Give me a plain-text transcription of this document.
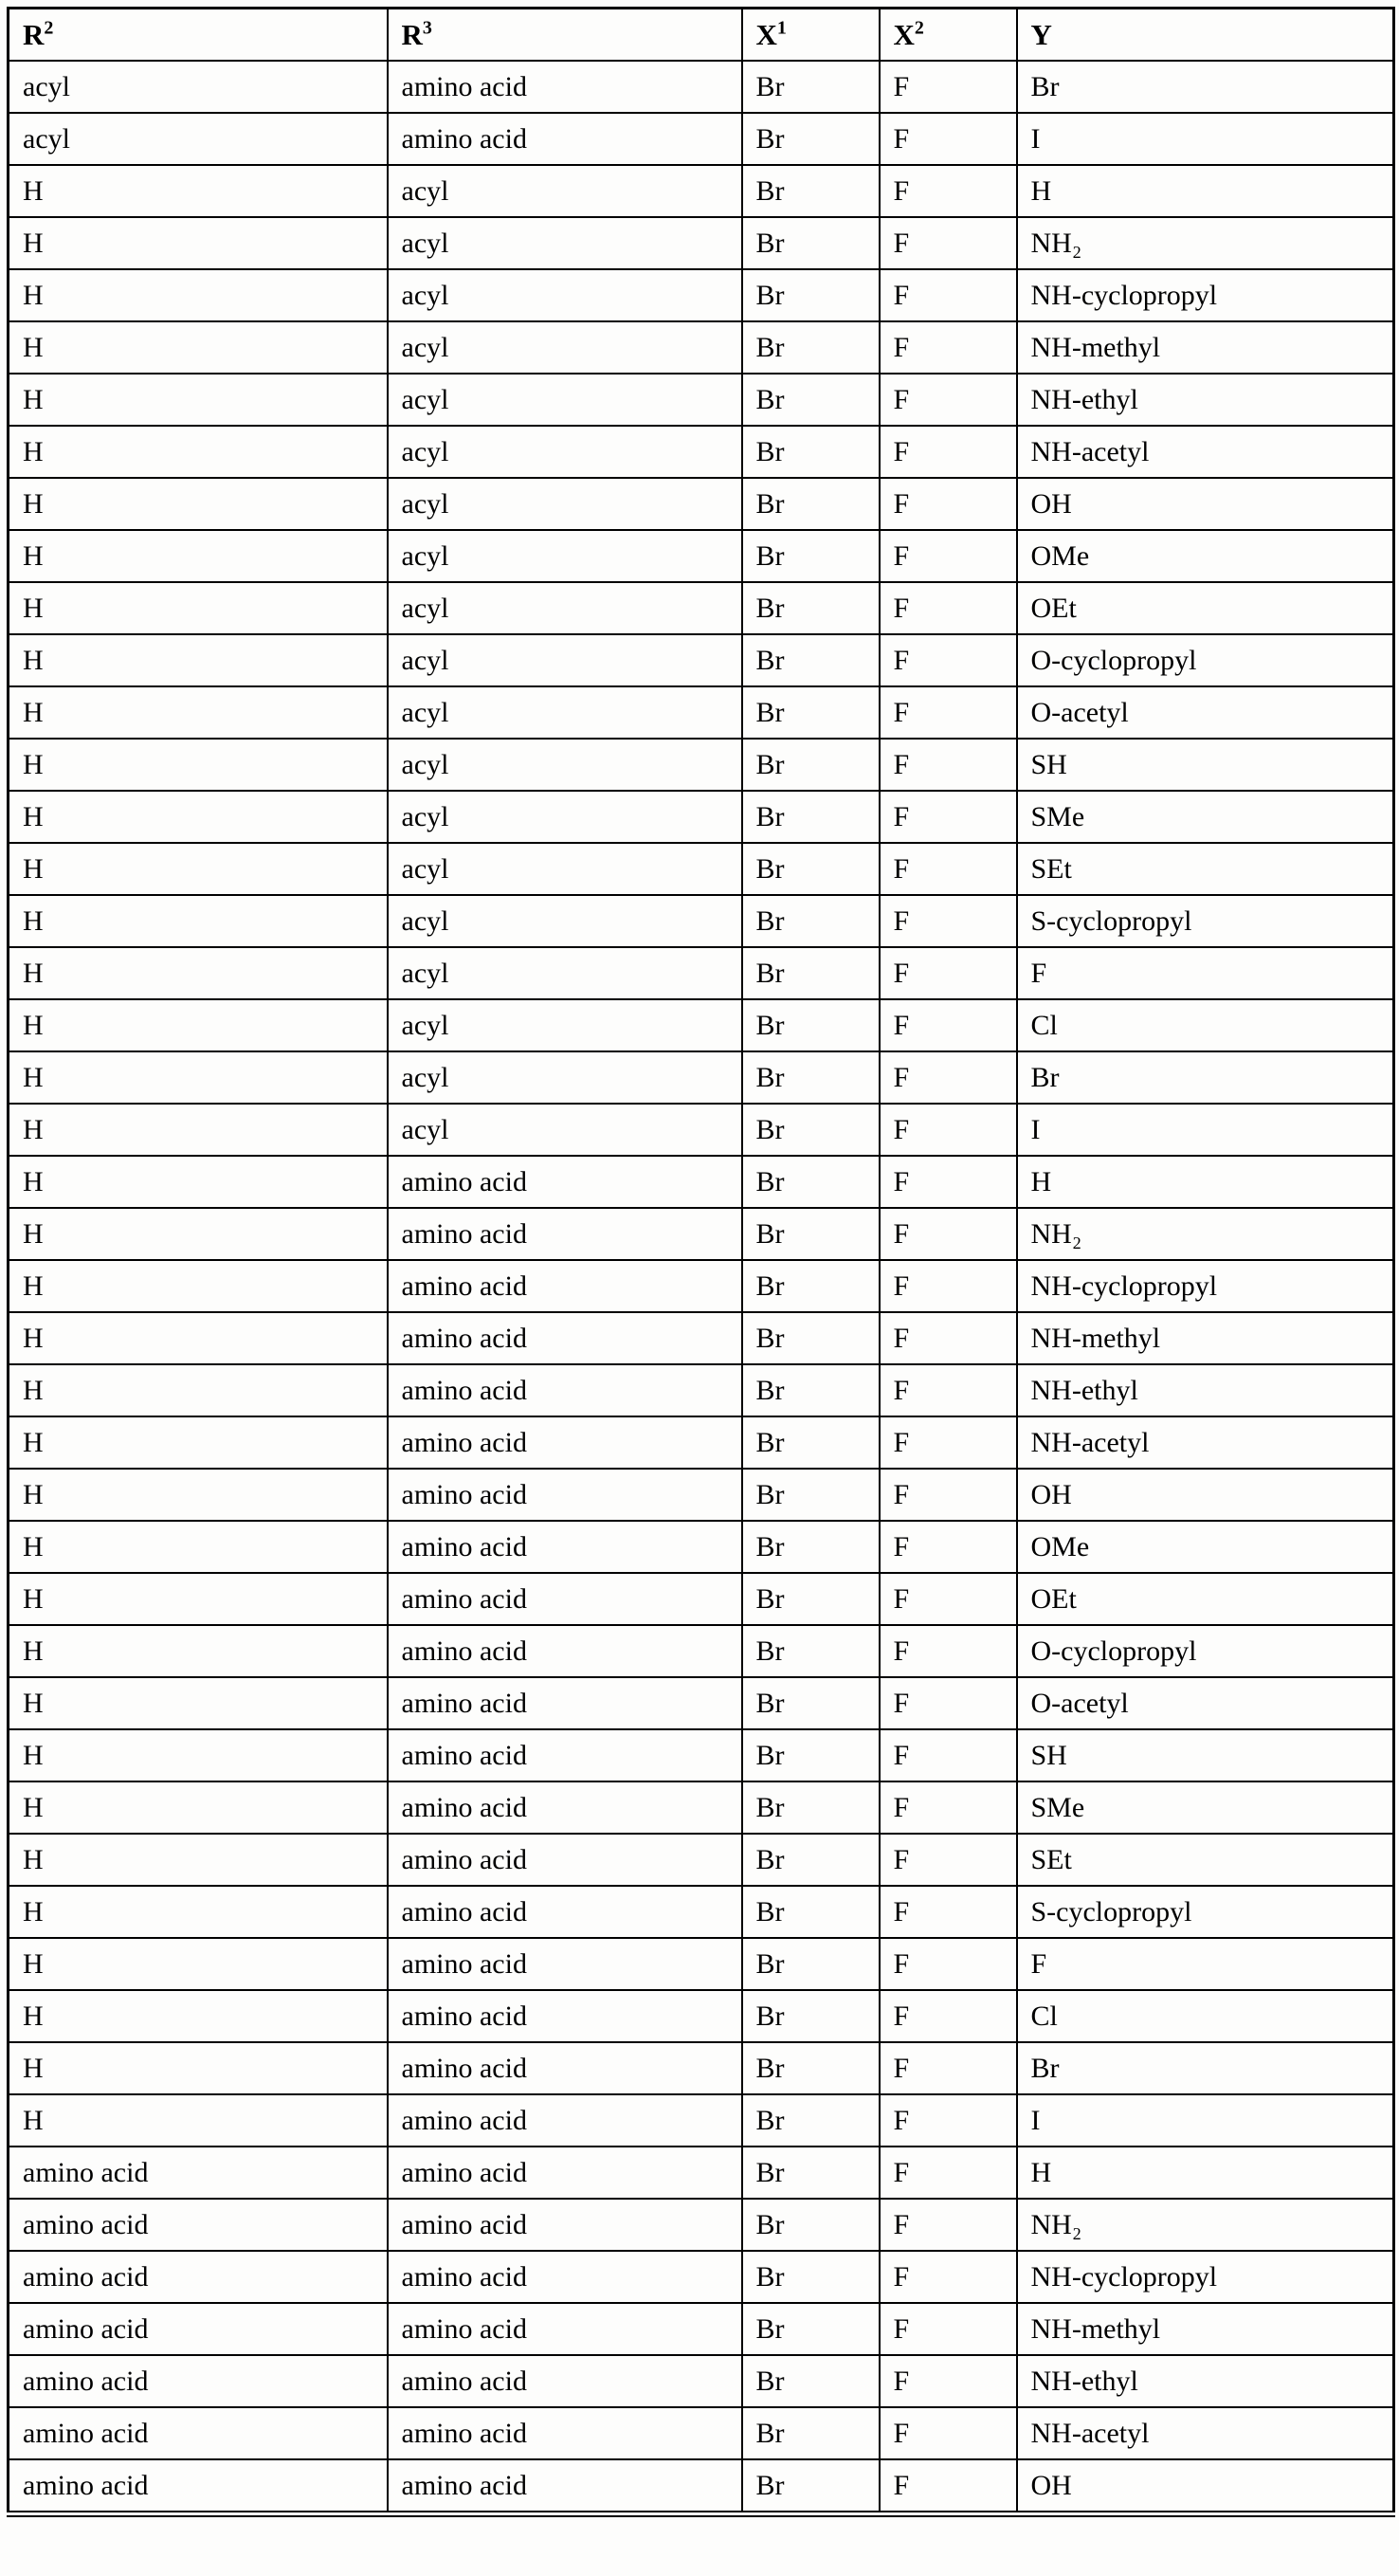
$R^2$	$R^3$	$X^1$	$X^2$	Y
acyl	amino acid	Br	F	Br
acyl	amino acid	Br	F	I
H	acyl	Br	F	H
H	acyl	Br	F	NH₂
H	acyl	Br	F	NH-cyclopropyl
H	acyl	Br	F	NH-methyl
H	acyl	Br	F	NH-ethyl
H	acyl	Br	F	NH-acetyl
H	acyl	Br	F	OH
H	acyl	Br	F	OMe
H	acyl	Br	F	OEt
H	acyl	Br	F	O-cyclopropyl
H	acyl	Br	F	O-acetyl
H	acyl	Br	F	SH
H	acyl	Br	F	SMe
H	acyl	Br	F	SEt
H	acyl	Br	F	S-cyclopropyl
H	acyl	Br	F	F
H	acyl	Br	F	Cl
H	acyl	Br	F	Br
H	acyl	Br	F	I
H	amino acid	Br	F	H
H	amino acid	Br	F	NH₂
H	amino acid	Br	F	NH-cyclopropyl
H	amino acid	Br	F	NH-methyl
H	amino acid	Br	F	NH-ethyl
H	amino acid	Br	F	NH-acetyl
H	amino acid	Br	F	OH
H	amino acid	Br	F	OMe
H	amino acid	Br	F	OEt
H	amino acid	Br	F	O-cyclopropyl
H	amino acid	Br	F	O-acetyl
H	amino acid	Br	F	SH
H	amino acid	Br	F	SMe
H	amino acid	Br	F	SEt
H	amino acid	Br	F	S-cyclopropyl
H	amino acid	Br	F	F
H	amino acid	Br	F	Cl
H	amino acid	Br	F	Br
H	amino acid	Br	F	I
amino acid	amino acid	Br	F	H
amino acid	amino acid	Br	F	NH₂
amino acid	amino acid	Br	F	NH-cyclopropyl
amino acid	amino acid	Br	F	NH-methyl
amino acid	amino acid	Br	F	NH-ethyl
amino acid	amino acid	Br	F	NH-acetyl
amino acid	amino acid	Br	F	OH
